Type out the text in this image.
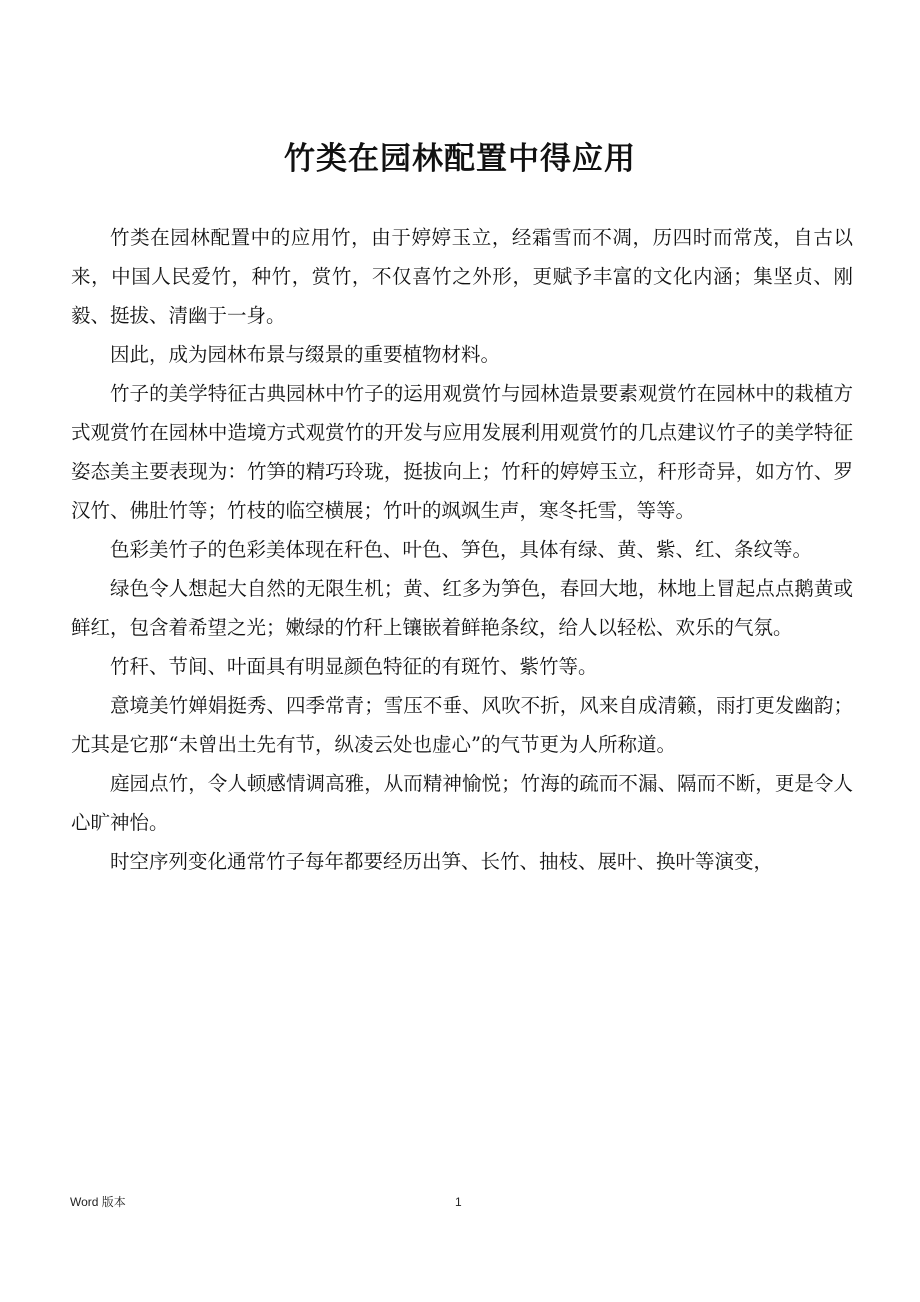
竹类在园林配置中得应用

竹类在园林配置中的应用竹，由于婷婷玉立，经霜雪而不凋，历四时而常茂，自古以来，中国人民爱竹，种竹，赏竹，不仅喜竹之外形，更赋予丰富的文化内涵；集坚贞、刚毅、挺拔、清幽于一身。

因此，成为园林布景与缀景的重要植物材料。

竹子的美学特征古典园林中竹子的运用观赏竹与园林造景要素观赏竹在园林中的栽植方式观赏竹在园林中造境方式观赏竹的开发与应用发展利用观赏竹的几点建议竹子的美学特征姿态美主要表现为：竹笋的精巧玲珑，挺拔向上；竹秆的婷婷玉立，秆形奇异，如方竹、罗汉竹、佛肚竹等；竹枝的临空横展；竹叶的飒飒生声，寒冬托雪，等等。

色彩美竹子的色彩美体现在秆色、叶色、笋色，具体有绿、黄、紫、红、条纹等。

绿色令人想起大自然的无限生机；黄、红多为笋色，春回大地，林地上冒起点点鹅黄或鲜红，包含着希望之光；嫩绿的竹秆上镶嵌着鲜艳条纹，给人以轻松、欢乐的气氛。

竹秆、节间、叶面具有明显颜色特征的有斑竹、紫竹等。

意境美竹婵娟挺秀、四季常青；雪压不垂、风吹不折，风来自成清籁，雨打更发幽韵；尤其是它那“未曾出土先有节，纵凌云处也虚心”的气节更为人所称道。

庭园点竹，令人顿感情调高雅，从而精神愉悦；竹海的疏而不漏、隔而不断，更是令人心旷神怡。

时空序列变化通常竹子每年都要经历出笋、长竹、抽枝、展叶、换叶等演变，

Word 版本	1
